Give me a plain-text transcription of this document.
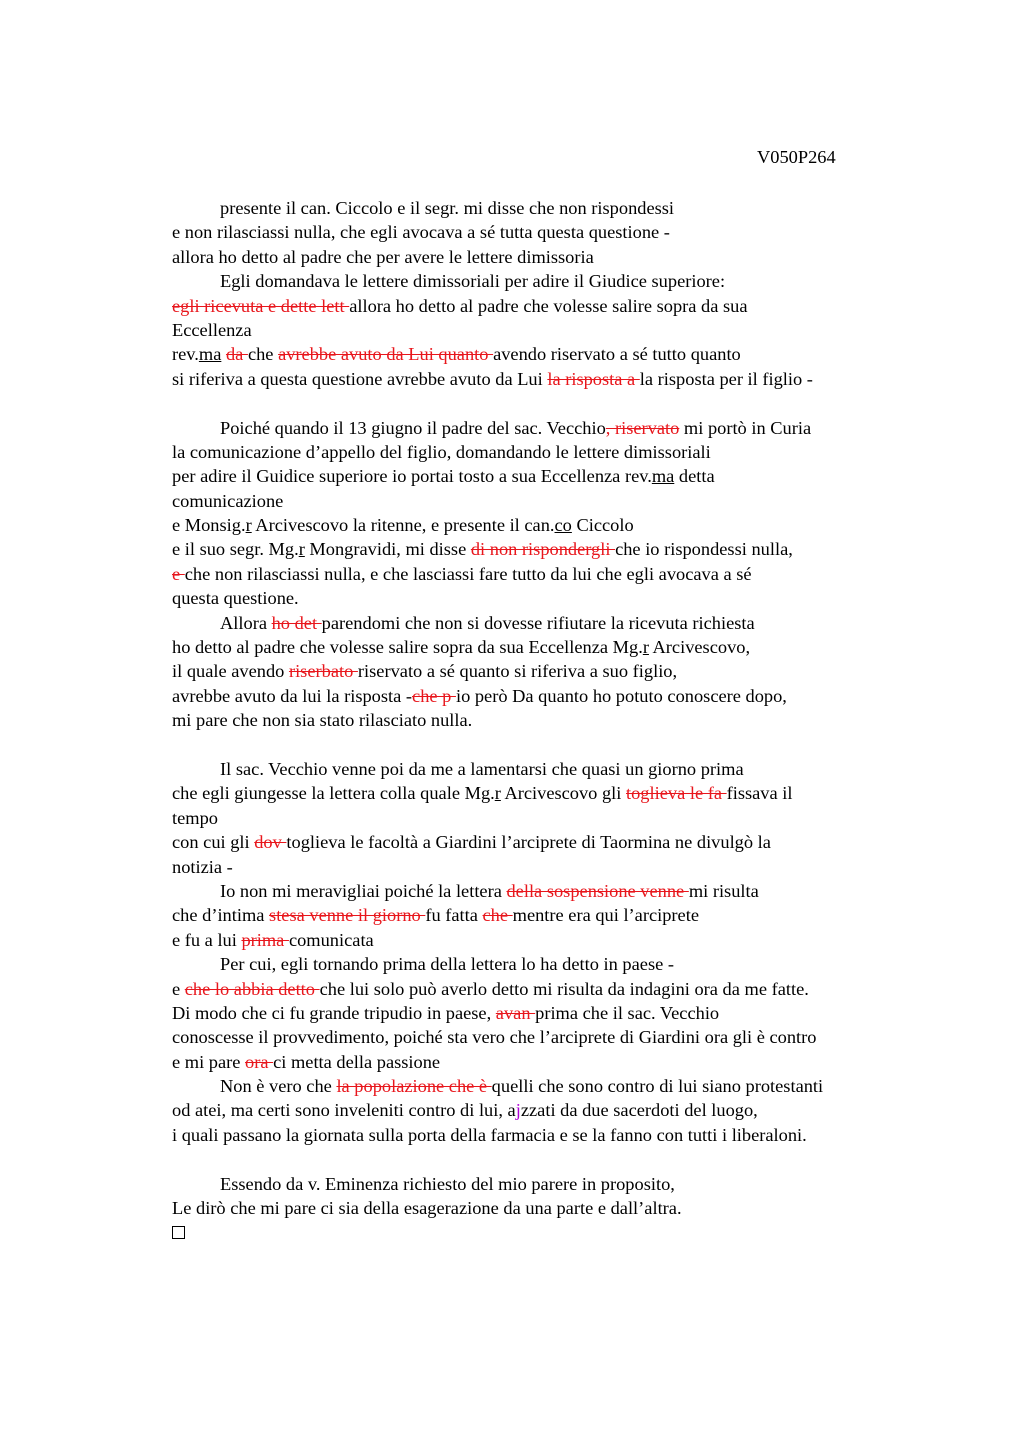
V050P264
presente il can. Ciccolo e il segr. mi disse che non rispondessi
e non rilasciassi nulla, che egli avocava a sé tutta questa questione -
allora ho detto al padre che per avere le lettere dimissoria
Egli domandava le lettere dimissoriali per adire il Giudice superiore:
egli ricevuta e dette lett allora ho detto al padre che volesse salire sopra da sua
Eccellenza
rev.ma da che avrebbe avuto da Lui quanto avendo riservato a sé tutto quanto
si riferiva a questa questione avrebbe avuto da Lui la risposta a la risposta per il figlio -
Poiché quando il 13 giugno il padre del sac. Vecchio, riservato mi portò in Curia
la comunicazione d’appello del figlio, domandando le lettere dimissoriali
per adire il Guidice superiore io portai tosto a sua Eccellenza rev.ma detta
comunicazione
e Monsig.r Arcivescovo la ritenne, e presente il can.co Ciccolo
e il suo segr. Mg.r Mongravidi, mi disse di non rispondergli che io rispondessi nulla,
e che non rilasciassi nulla, e che lasciassi fare tutto da lui che egli avocava a sé
questa questione.
Allora ho det parendomi che non si dovesse rifiutare la ricevuta richiesta
ho detto al padre che volesse salire sopra da sua Eccellenza Mg.r Arcivescovo,
il quale avendo riserbato riservato a sé quanto si riferiva a suo figlio,
avrebbe avuto da lui la risposta -che p io però Da quanto ho potuto conoscere dopo,
mi pare che non sia stato rilasciato nulla.
Il sac. Vecchio venne poi da me a lamentarsi che quasi un giorno prima
che egli giungesse la lettera colla quale Mg.r Arcivescovo gli toglieva le fa fissava il
tempo
con cui gli dov toglieva le facoltà a Giardini l’arciprete di Taormina ne divulgò la
notizia -
Io non mi meravigliai poiché la lettera della sospensione venne mi risulta
che d’intima stesa venne il giorno fu fatta che mentre era qui l’arciprete
e fu a lui prima comunicata
Per cui, egli tornando prima della lettera lo ha detto in paese -
e che lo abbia detto che lui solo può averlo detto mi risulta da indagini ora da me fatte.
Di modo che ci fu grande tripudio in paese, avan prima che il sac. Vecchio
conoscesse il provvedimento, poiché sta vero che l’arciprete di Giardini ora gli è contro
e mi pare ora ci metta della passione
Non è vero che la popolazione che è quelli che sono contro di lui siano protestanti
od atei, ma certi sono inveleniti contro di lui, ajzzati da due sacerdoti del luogo,
i quali passano la giornata sulla porta della farmacia e se la fanno con tutti i liberaloni.
Essendo da v. Eminenza richiesto del mio parere in proposito,
Le dirò che mi pare ci sia della esagerazione da una parte e dall’altra.
